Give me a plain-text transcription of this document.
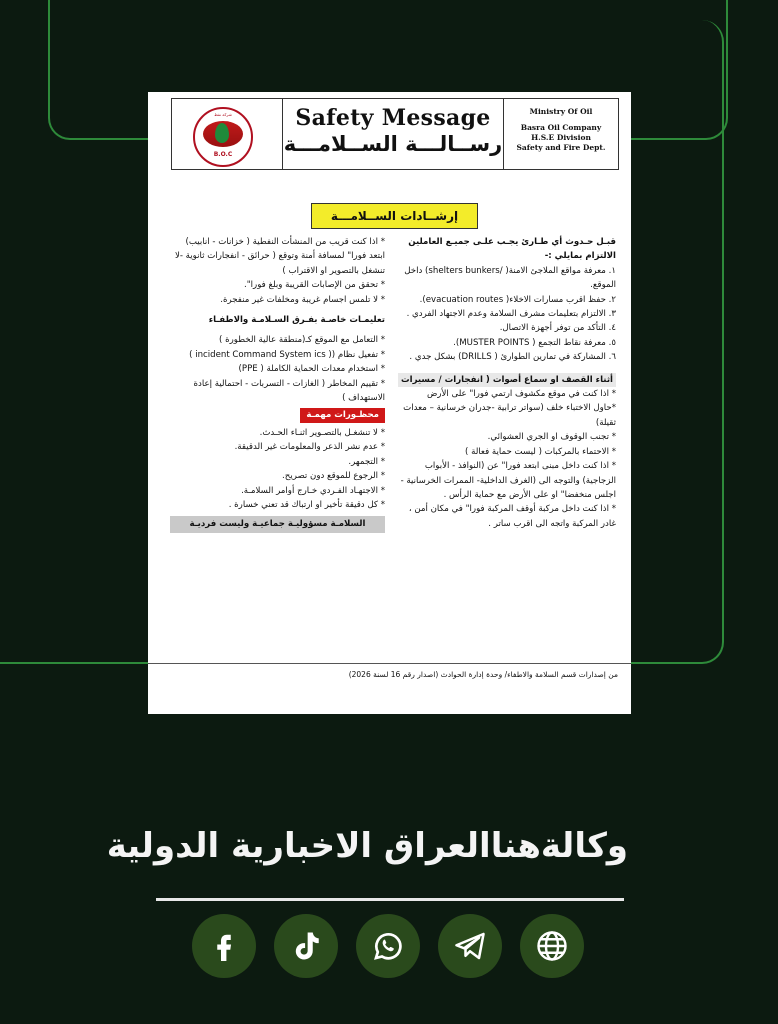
شركة نفط
B.O.C
Safety Message
رســالـــة الســلامـــة
Ministry Of Oil
Basra Oil Company
H.S.E Division
Safety and Fire Dept.
إرشــادات الســلامـــة

قبـل حـدوث أي طـارئ يجـب علـى جميـع العاملين الالتزام بمايلي :-

١. معرفة مواقع الملاجئ الامنة( /shelters bunkers) داخل الموقع.

٢. حفظ اقرب مسارات الاخلاء( evacuation routes).

٣. الالتزام بتعليمات مشرف السلامة وعدم الاجتهاد الفردي .

٤. التأكد من توفر أجهزة الاتصال.

٥. معرفة نقاط التجمع ( MUSTER POINTS).

٦. المشاركة في تمارين الطوارئ ( DRILLS) بشكل جدي .

أثناء القصف او سماع أصوات ( انفجارات / مسيرات

* اذا كنت في موقع مكشوف ارتمي فورا" على الأرض

*حاول الاختباء خلف (سواتر ترابية -جدران خرسانية – معدات ثقيلة)

* تجنب الوقوف او الجري العشوائي.

* الاحتماء بالمركبات ( ليست حماية فعالة )

* اذا كنت داخل مبنى ابتعد فورا" عن (النوافذ - الأبواب الزجاجية) والتوجه الى (الغرف الداخلية- الممرات الخرسانية - اجلس منخفضا" او على الأرض مع حماية الرأس .

* اذا كنت داخل مركبة أوقف المركبة فورا" في مكان أمن ، غادر المركبة واتجه الى اقرب ساتر .

* اذا كنت قريب من المنشأت النفطية ( خزانات - انابيب) ابتعد فورا" لمسافة أمنة وتوقع ( حرائق - انفجارات ثانوية -لا تنشغل بالتصوير او الاقتراب )

* تحقق من الإصابات القريبة وبلغ فورا".

* لا تلمس اجسام غريبة ومخلفات غير منفجرة.

تعليمـات خاصـة بفـرق السـلامـة والاطفـاء

* التعامل مع الموقع كـ(منطقة عالية الخطورة )

* تفعيل نظام (( incident Command System ics )

* استخدام معدات الحماية الكاملة ( PPE)

* تقييم المخاطر ( الغازات - التسربات - احتمالية إعادة الاستهداف )

محظـورات مهمـة

* لا تنشغـل بالتصـوير اثنـاء الحـدث.

* عدم نشر الذعر والمعلومات غير الدقيقة.

* التجمهر.

* الرجوع للموقع دون تصريح.

* الاجتهـاد الفـردي خـارج أوامر السلامـة.

* كل دقيقة تأخير او ارتباك قد تعني خسارة .

السلامـة مسؤوليـة جماعيـة وليست فرديـة

من إصدارات قسم السلامة والاطفاء/ وحدة إدارة الحوادث (اصدار رقم 16 لسنة 2026)
وكالةهناالعراق الاخبارية الدولية
